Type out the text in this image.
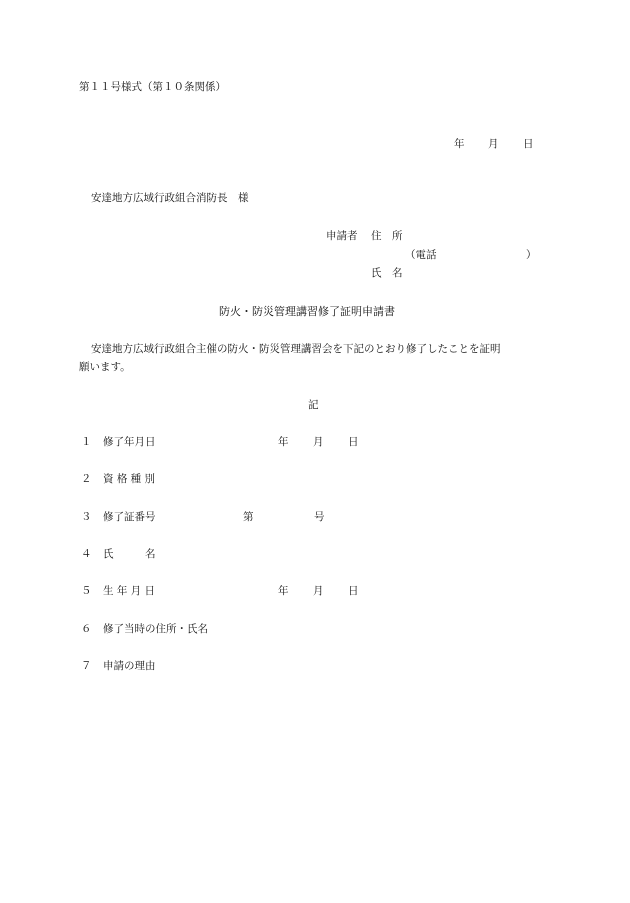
第１１号様式（第１０条関係）
年 月 日
安達地方広域行政組合消防長　様
申請者 住　所
（電話	）
氏　名
防火・防災管理講習修了証明申請書
安達地方広域行政組合主催の防火・防災管理講習会を下記のとおり修了したことを証明
願います。
記
１ 修了年月日	年 月 日
２ 資 格 種 別
３ 修了証番号	第	号
４ 氏　　　名
５ 生 年 月 日	年 月 日
６ 修了当時の住所・氏名
７ 申請の理由
